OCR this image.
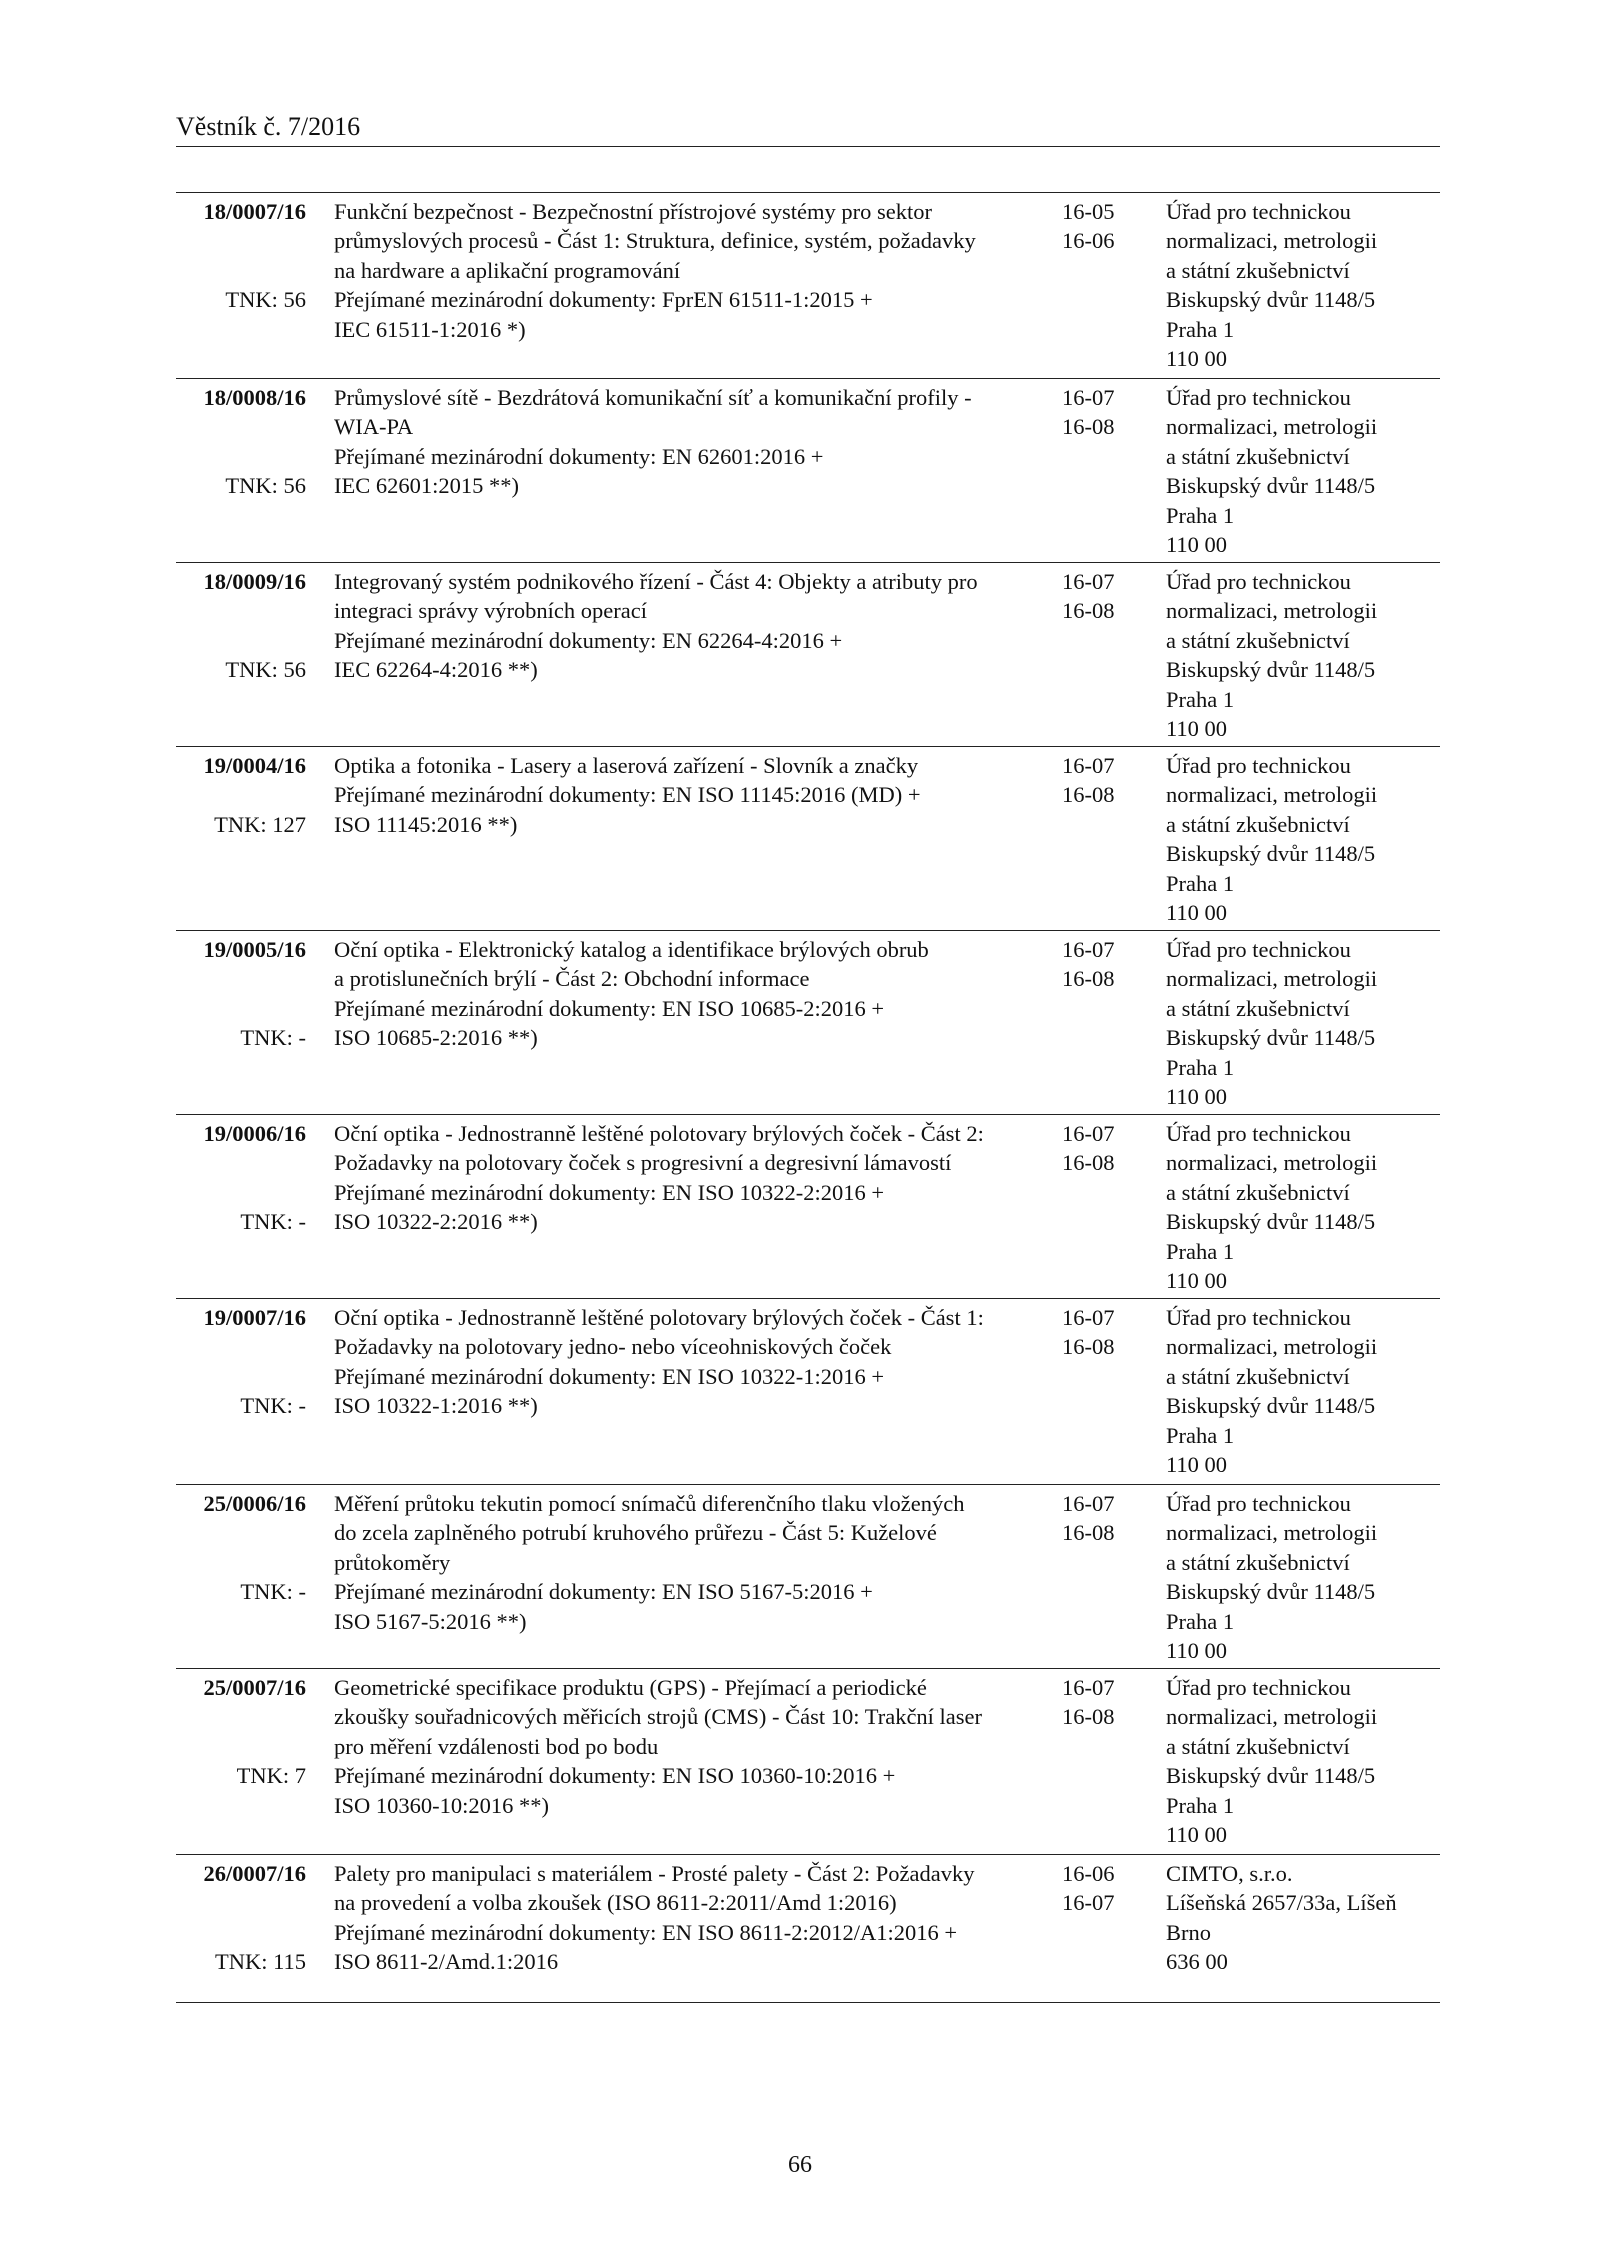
Věstník č. 7/2016
18/0007/16
TNK: 56
Funkční bezpečnost - Bezpečnostní přístrojové systémy pro sektor
průmyslových procesů - Část 1: Struktura, definice, systém, požadavky
na hardware a aplikační programování
Přejímané mezinárodní dokumenty: FprEN 61511-1:2015 +
IEC 61511-1:2016 *)
16-05
16-06
Úřad pro technickou
normalizaci, metrologii
a státní zkušebnictví
Biskupský dvůr 1148/5
Praha 1
110 00
18/0008/16
TNK: 56
Průmyslové sítě - Bezdrátová komunikační síť a komunikační profily -
WIA-PA
Přejímané mezinárodní dokumenty: EN 62601:2016 +
IEC 62601:2015 **)
16-07
16-08
Úřad pro technickou
normalizaci, metrologii
a státní zkušebnictví
Biskupský dvůr 1148/5
Praha 1
110 00
18/0009/16
TNK: 56
Integrovaný systém podnikového řízení - Část 4: Objekty a atributy pro
integraci správy výrobních operací
Přejímané mezinárodní dokumenty: EN 62264-4:2016 +
IEC 62264-4:2016 **)
16-07
16-08
Úřad pro technickou
normalizaci, metrologii
a státní zkušebnictví
Biskupský dvůr 1148/5
Praha 1
110 00
19/0004/16
TNK: 127
Optika a fotonika - Lasery a laserová zařízení - Slovník a značky
Přejímané mezinárodní dokumenty: EN ISO 11145:2016 (MD) +
ISO 11145:2016 **)
16-07
16-08
Úřad pro technickou
normalizaci, metrologii
a státní zkušebnictví
Biskupský dvůr 1148/5
Praha 1
110 00
19/0005/16
TNK: -
Oční optika - Elektronický katalog a identifikace brýlových obrub
a protislunečních brýlí - Část 2: Obchodní informace
Přejímané mezinárodní dokumenty: EN ISO 10685-2:2016 +
ISO 10685-2:2016 **)
16-07
16-08
Úřad pro technickou
normalizaci, metrologii
a státní zkušebnictví
Biskupský dvůr 1148/5
Praha 1
110 00
19/0006/16
TNK: -
Oční optika - Jednostranně leštěné polotovary brýlových čoček - Část 2:
Požadavky na polotovary čoček s progresivní a degresivní lámavostí
Přejímané mezinárodní dokumenty: EN ISO 10322-2:2016 +
ISO 10322-2:2016 **)
16-07
16-08
Úřad pro technickou
normalizaci, metrologii
a státní zkušebnictví
Biskupský dvůr 1148/5
Praha 1
110 00
19/0007/16
TNK: -
Oční optika - Jednostranně leštěné polotovary brýlových čoček - Část 1:
Požadavky na polotovary jedno- nebo víceohniskových čoček
Přejímané mezinárodní dokumenty: EN ISO 10322-1:2016 +
ISO 10322-1:2016 **)
16-07
16-08
Úřad pro technickou
normalizaci, metrologii
a státní zkušebnictví
Biskupský dvůr 1148/5
Praha 1
110 00
25/0006/16
TNK: -
Měření průtoku tekutin pomocí snímačů diferenčního tlaku vložených
do zcela zaplněného potrubí kruhového průřezu - Část 5: Kuželové
průtokoměry
Přejímané mezinárodní dokumenty: EN ISO 5167-5:2016 +
ISO 5167-5:2016 **)
16-07
16-08
Úřad pro technickou
normalizaci, metrologii
a státní zkušebnictví
Biskupský dvůr 1148/5
Praha 1
110 00
25/0007/16
TNK: 7
Geometrické specifikace produktu (GPS) - Přejímací a periodické
zkoušky souřadnicových měřicích strojů (CMS) - Část 10: Trakční laser
pro měření vzdálenosti bod po bodu
Přejímané mezinárodní dokumenty: EN ISO 10360-10:2016 +
ISO 10360-10:2016 **)
16-07
16-08
Úřad pro technickou
normalizaci, metrologii
a státní zkušebnictví
Biskupský dvůr 1148/5
Praha 1
110 00
26/0007/16
TNK: 115
Palety pro manipulaci s materiálem - Prosté palety - Část 2: Požadavky
na provedení a volba zkoušek (ISO 8611-2:2011/Amd 1:2016)
Přejímané mezinárodní dokumenty: EN ISO 8611-2:2012/A1:2016 +
ISO 8611-2/Amd.1:2016
16-06
16-07
CIMTO, s.r.o.
Líšeňská 2657/33a, Líšeň
Brno
636 00
66
